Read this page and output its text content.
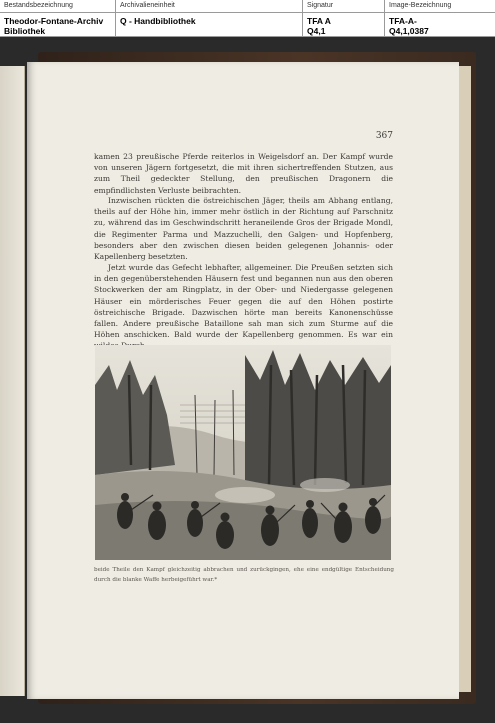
Bestandsbezeichnung
Theodor-Fontane-Archiv
Bibliothek
Archivalieneinheit
Q - Handbibliothek
Signatur
TFA A
Q4,1
Image-Bezeichnung
TFA-A-
Q4,1,0387
367

kamen 23 preußische Pferde reiterlos in Weigelsdorf an. Der Kampf wurde von unseren Jägern fortgesetzt, die mit ihren sichertreffenden Stutzen, aus zum Theil gedeckter Stellung, den preußischen Dragonern die empfindlichsten Verluste beibrachten.

Inzwischen rückten die östreichischen Jäger, theils am Abhang entlang, theils auf der Höhe hin, immer mehr östlich in der Richtung auf Parschnitz zu, während das im Geschwindschritt heraneilende Gros der Brigade Mondl, die Regimenter Parma und Mazzuchelli, den Galgen- und Hopfenberg, besonders aber den zwischen diesen beiden gelegenen Johannis- oder Kapellenberg besetzten.

Jetzt wurde das Gefecht lebhafter, allgemeiner. Die Preußen setzten sich in den gegenüberstehenden Häusern fest und begannen nun aus den oberen Stockwerken der am Ringplatz, in der Ober- und Niedergasse gelegenen Häuser ein mörderisches Feuer gegen die auf den Höhen postirte östreichische Brigade. Dazwischen hörte man bereits Kanonenschüsse fallen. Andere preußische Bataillone sah man sich zum Sturme auf die Höhen anschicken. Bald wurde der Kapellenberg genommen. Es war ein

beide Theile den Kampf gleichzeitig abbrachen und zurückgingen, ehe eine endgültige Entscheidung durch die blanke Waffe herbeigeführt war.*
